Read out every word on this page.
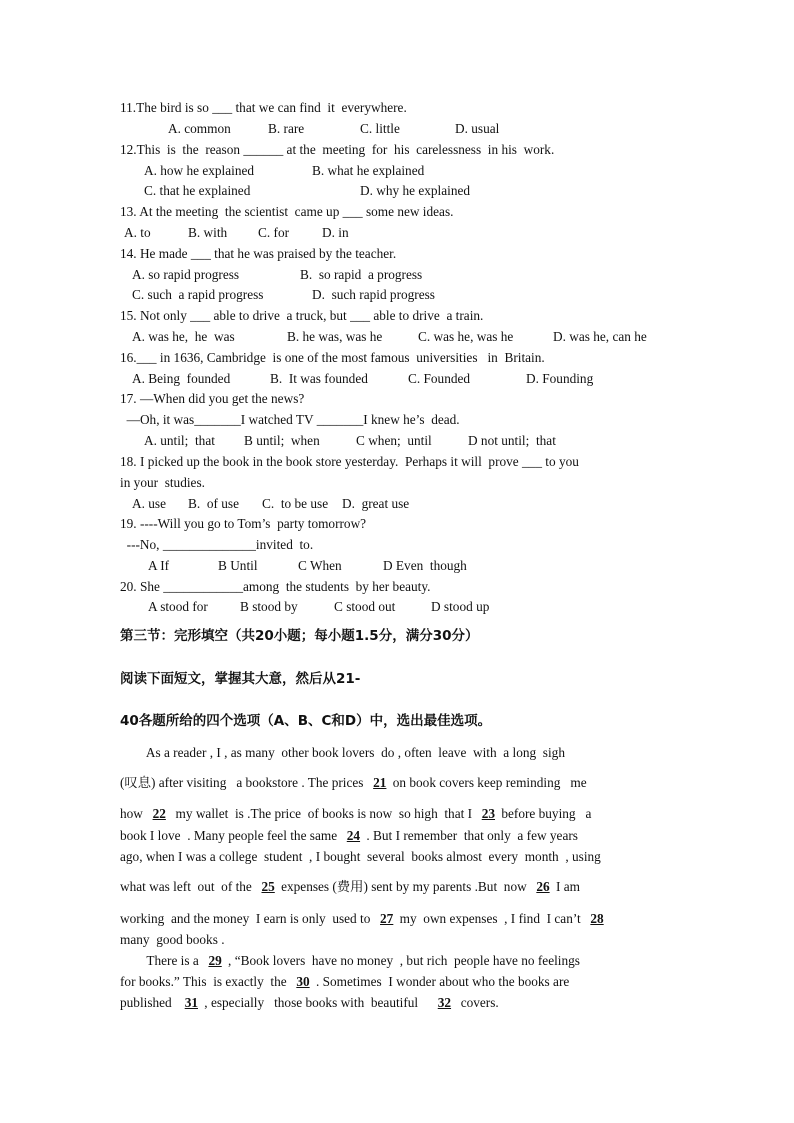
11.The bird is so ___ that we can find  it  everywhere.
A. common	B. rare	C. little	D. usual
12.This  is  the  reason ______ at the  meeting  for  his  carelessness  in his  work.
A. how he explained	B. what he explained
C. that he explained	D. why he explained
13. At the meeting  the scientist  came up ___ some new ideas.
A. to	B. with C. for D. in
14. He made ___ that he was praised by the teacher.
A. so rapid progress	B.  so rapid  a progress
C. such  a rapid progress	D.  such rapid progress
15. Not only ___ able to drive  a truck, but ___ able to drive  a train.
A. was he,  he  was	B. he was, was he	C. was he, was he	D. was he, can he
16.___ in 1636, Cambridge  is one of the most famous  universities   in  Britain.
A. Being  founded	B.  It was founded	C. Founded	D. Founding
17. —When did you get the news?
—Oh, it was_______I watched TV _______I knew he’s  dead.
A. until;  that B until;  when	C when;  until	D not until;  that
18. I picked up the book in the book store yesterday.  Perhaps it will  prove ___ to you
in your  studies.
A. use B.  of use C.  to be use D.  great use
19. ----Will you go to Tom’s  party tomorrow?
---No, ______________invited  to.
A If	B Until	C When	D Even  though
20. She ____________among  the students  by her beauty.
A stood for B stood by	C stood out	D stood up
第三节：完形填空（共20小题；每小题1.5分，满分30分）
阅读下面短文，掌握其大意，然后从21-
40各题所给的四个选项（A、B、C和D）中，选出最佳选项。
As a reader , I , as many  other book lovers  do , often  leave  with  a long  sigh
(叹息) after visiting   a bookstore . The prices  21 on book covers keep reminding   me
how  22  my wallet  is .The price  of books is now  so high  that I  23 before buying   a
book I love  . Many people feel the same  24 . But I remember  that only  a few years
ago, when I was a college  student  , I bought  several  books almost  every  month  , using
what was left  out  of the  25 expenses (费用) sent by my parents .But  now  26 I am
working  and the money  I earn is only  used to  27 my  own expenses  , I find  I can’t  28
many  good books .
There is a  29 , “Book lovers  have no money  , but rich  people have no feelings
for books.” This  is exactly  the  30 . Sometimes  I wonder about who the books are
published   31 , especially   those books with  beautiful     32  covers.
